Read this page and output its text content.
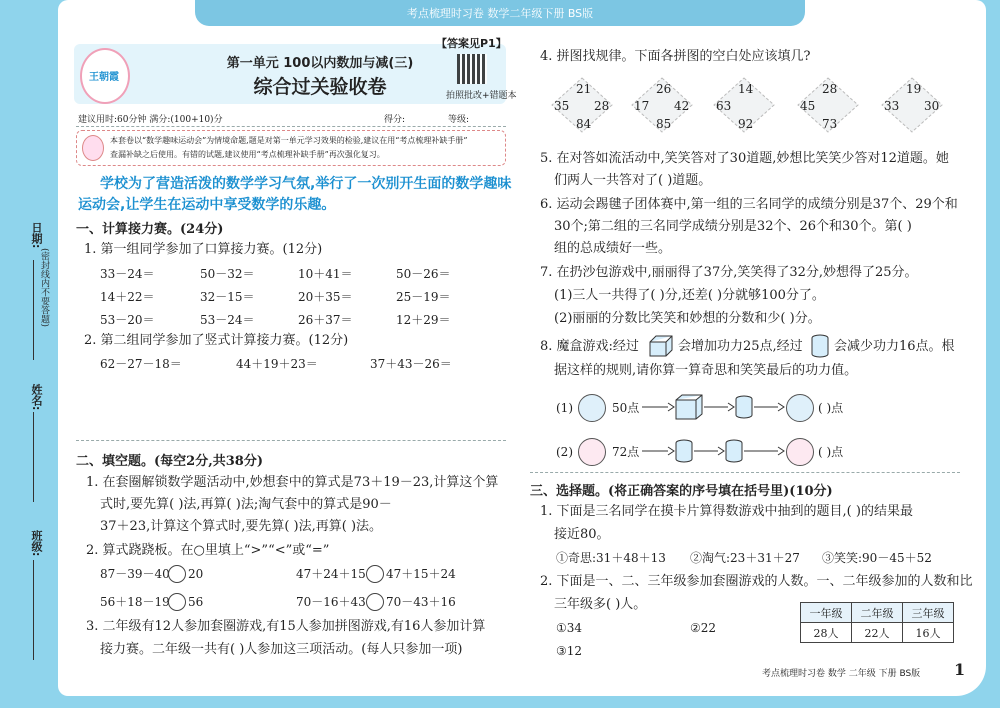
考点梳理时习卷 数学二年级下册 BS版
日期:
(密封线内不要答题)
姓名:
班级:
王朝霞
【答案见P1】
第一单元 100以内数加与减(三)
综合过关验收卷	拍照批改+错题本
建议用时:60分钟 满分:(100+10)分	得分:	等级:
本套卷以“数学趣味运动会”为情境命题,题是对第一单元学习效果的检验,建议在用“考点梳理补缺手册”
查漏补缺之后使用。有错的试题,建议使用“考点梳理补缺手册”再次强化复习。
学校为了营造活泼的数学学习气氛,举行了一次别开生面的数学趣味
运动会,让学生在运动中享受数学的乐趣。
一、计算接力赛。(24分)
1. 第一组同学参加了口算接力赛。(12分)
33－24＝	50－32＝	10＋41＝	50－26＝
14＋22＝	32－15＝	20＋35＝	25－19＝
53－20＝	53－24＝	26＋37＝	12＋29＝
2. 第二组同学参加了竖式计算接力赛。(12分)
62－27－18＝	44＋19＋23＝	37＋43－26＝
二、填空题。(每空2分,共38分)
1. 在套圈解锁数学题活动中,妙想套中的算式是73＋19－23,计算这个算
式时,要先算( )法,再算( )法;淘气套中的算式是90－
37＋23,计算这个算式时,要先算( )法,再算( )法。
2. 算式跷跷板。在○里填上“>”“<”或“=”
87－39－40 20	47＋24＋15 47＋15＋24
56＋18－19 56	70－16＋43 70－43＋16
3. 二年级有12人参加套圈游戏,有15人参加拼图游戏,有16人参加计算
接力赛。二年级一共有( )人参加这三项活动。(每人只参加一项)
4. 拼图找规律。下面各拼图的空白处应该填几?
21
35 28
84
26
17 42
85
14
63
92
28
45
73
19
33 30
5. 在对答如流活动中,笑笑答对了30道题,妙想比笑笑少答对12道题。她
们两人一共答对了( )道题。
6. 运动会踢毽子团体赛中,第一组的三名同学的成绩分别是37个、29个和
30个;第二组的三名同学成绩分别是32个、26个和30个。第( )
组的总成绩好一些。
7. 在扔沙包游戏中,丽丽得了37分,笑笑得了32分,妙想得了25分。
(1)三人一共得了( )分,还差( )分就够100分了。
(2)丽丽的分数比笑笑和妙想的分数和少( )分。
8. 魔盒游戏:经过	会增加功力25点,经过 会减少功力16点。根
据这样的规则,请你算一算奇思和笑笑最后的功力值。
(1)	50点	( )点
(2)	72点	( )点
三、选择题。(将正确答案的序号填在括号里)(10分)
1. 下面是三名同学在摸卡片算得数游戏中抽到的题目,( )的结果最
接近80。
①奇思:31＋48＋13 ②淘气:23＋31＋27 ③笑笑:90－45＋52
2. 下面是一、二、三年级参加套圈游戏的人数。一、二年级参加的人数和比
三年级多( )人。
①34	②22
③12
一年级	二年级	三年级
28人	22人	16人
考点梳理时习卷 数学 二年级 下册 BS版 1
